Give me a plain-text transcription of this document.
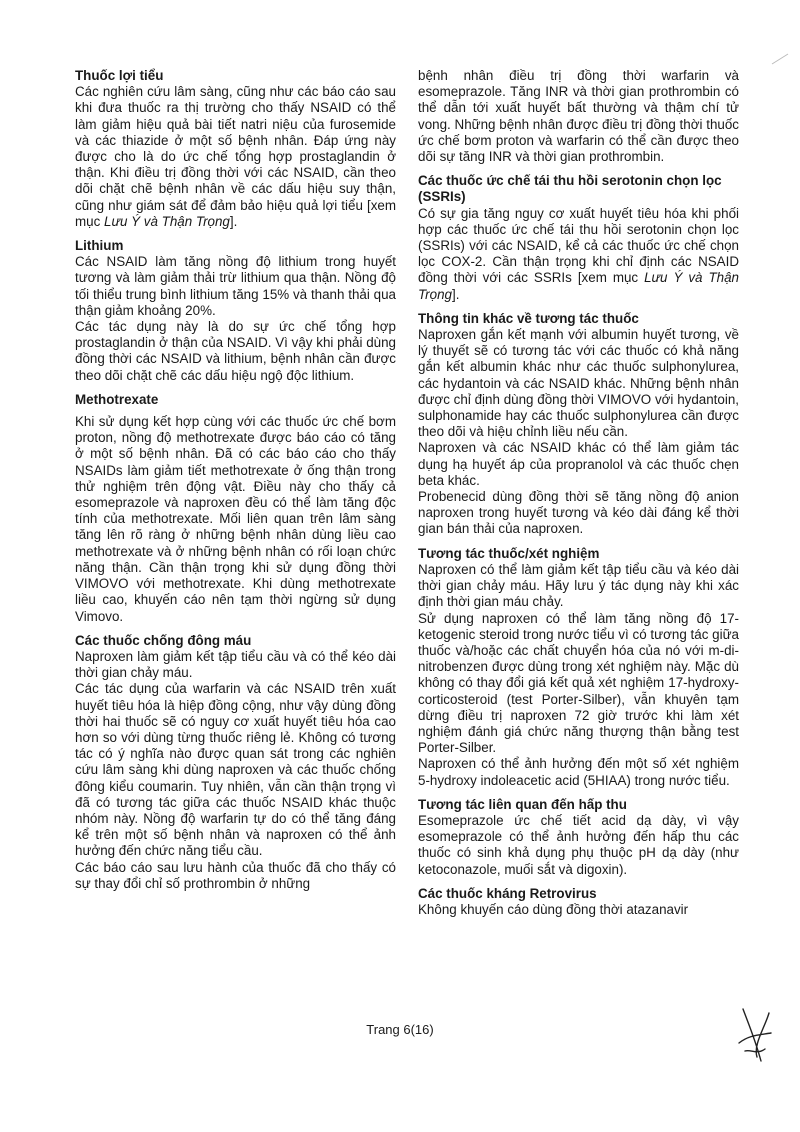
Thuốc lợi tiểu

Các nghiên cứu lâm sàng, cũng như các báo cáo sau khi đưa thuốc ra thị trường cho thấy NSAID có thể làm giảm hiệu quả bài tiết natri niệu của furosemide và các thiazide ở một số bệnh nhân. Đáp ứng này được cho là do ức chế tổng hợp prostaglandin ở thận. Khi điều trị đồng thời với các NSAID, cần theo dõi chặt chẽ bệnh nhân về các dấu hiệu suy thận, cũng như giám sát để đảm bảo hiệu quả lợi tiểu [xem mục Lưu Ý và Thận Trọng].

Lithium

Các NSAID làm tăng nồng độ lithium trong huyết tương và làm giảm thải trừ lithium qua thận. Nồng độ tối thiểu trung bình lithium tăng 15% và thanh thải qua thận giảm khoảng 20%.

Các tác dụng này là do sự ức chế tổng hợp prostaglandin ở thận của NSAID. Vì vậy khi phải dùng đồng thời các NSAID và lithium, bệnh nhân cần được theo dõi chặt chẽ các dấu hiệu ngộ độc lithium.

Methotrexate

Khi sử dụng kết hợp cùng với các thuốc ức chế bơm proton, nồng độ methotrexate được báo cáo có tăng ở một số bệnh nhân. Đã có các báo cáo cho thấy NSAIDs làm giảm tiết methotrexate ở ống thận trong thử nghiệm trên động vật. Điều này cho thấy cả esomeprazole và naproxen đều có thể làm tăng độc tính của methotrexate. Mối liên quan trên lâm sàng tăng lên rõ ràng ở những bệnh nhân dùng liều cao methotrexate và ở những bệnh nhân có rối loạn chức năng thận. Cần thận trọng khi sử dụng đồng thời VIMOVO với methotrexate. Khi dùng methotrexate liều cao, khuyến cáo nên tạm thời ngừng sử dụng Vimovo.

Các thuốc chống đông máu

Naproxen làm giảm kết tập tiểu cầu và có thể kéo dài thời gian chảy máu.

Các tác dụng của warfarin và các NSAID trên xuất huyết tiêu hóa là hiệp đồng cộng, như vậy dùng đồng thời hai thuốc sẽ có nguy cơ xuất huyết tiêu hóa cao hơn so với dùng từng thuốc riêng lẻ. Không có tương tác có ý nghĩa nào được quan sát trong các nghiên cứu lâm sàng khi dùng naproxen và các thuốc chống đông kiểu coumarin. Tuy nhiên, vẫn cần thận trọng vì đã có tương tác giữa các thuốc NSAID khác thuộc nhóm này. Nồng độ warfarin tự do có thể tăng đáng kể trên một số bệnh nhân và naproxen có thể ảnh hưởng đến chức năng tiểu cầu.

Các báo cáo sau lưu hành của thuốc đã cho thấy có sự thay đổi chỉ số prothrombin ở những

bệnh nhân điều trị đồng thời warfarin và esomeprazole. Tăng INR và thời gian prothrombin có thể dẫn tới xuất huyết bất thường và thậm chí tử vong. Những bệnh nhân được điều trị đồng thời thuốc ức chế bơm proton và warfarin có thể cần được theo dõi sự tăng INR và thời gian prothrombin.

Các thuốc ức chế tái thu hồi serotonin chọn lọc (SSRIs)

Có sự gia tăng nguy cơ xuất huyết tiêu hóa khi phối hợp các thuốc ức chế tái thu hồi serotonin chọn lọc (SSRIs) với các NSAID, kể cả các thuốc ức chế chọn lọc COX-2. Cần thận trọng khi chỉ định các NSAID đồng thời với các SSRIs [xem mục Lưu Ý và Thận Trọng].

Thông tin khác về tương tác thuốc

Naproxen gắn kết mạnh với albumin huyết tương, về lý thuyết sẽ có tương tác với các thuốc có khả năng gắn kết albumin khác như các thuốc sulphonylurea, các hydantoin và các NSAID khác. Những bệnh nhân được chỉ định dùng đồng thời VIMOVO với hydantoin, sulphonamide hay các thuốc sulphonylurea cần được theo dõi và hiệu chỉnh liều nếu cần.

Naproxen và các NSAID khác có thể làm giảm tác dụng hạ huyết áp của propranolol và các thuốc chẹn beta khác.

Probenecid dùng đồng thời sẽ tăng nồng độ anion naproxen trong huyết tương và kéo dài đáng kể thời gian bán thải của naproxen.

Tương tác thuốc/xét nghiệm

Naproxen có thể làm giảm kết tập tiểu cầu và kéo dài thời gian chảy máu. Hãy lưu ý tác dụng này khi xác định thời gian máu chảy.

Sử dụng naproxen có thể làm tăng nồng độ 17-ketogenic steroid trong nước tiểu vì có tương tác giữa thuốc và/hoặc các chất chuyển hóa của nó với m-di-nitrobenzen được dùng trong xét nghiệm này. Mặc dù không có thay đổi giá kết quả xét nghiệm 17-hydroxy-corticosteroid (test Porter-Silber), vẫn khuyên tạm dừng điều trị naproxen 72 giờ trước khi làm xét nghiệm đánh giá chức năng thượng thận bằng test Porter-Silber.

Naproxen có thể ảnh hưởng đến một số xét nghiệm 5-hydroxy indoleacetic acid (5HIAA) trong nước tiểu.

Tương tác liên quan đến hấp thu

Esomeprazole ức chế tiết acid dạ dày, vì vậy esomeprazole có thể ảnh hưởng đến hấp thu các thuốc có sinh khả dụng phụ thuộc pH dạ dày (như ketoconazole, muối sắt và digoxin).

Các thuốc kháng Retrovirus

Không khuyến cáo dùng đồng thời atazanavir

Trang 6(16)
